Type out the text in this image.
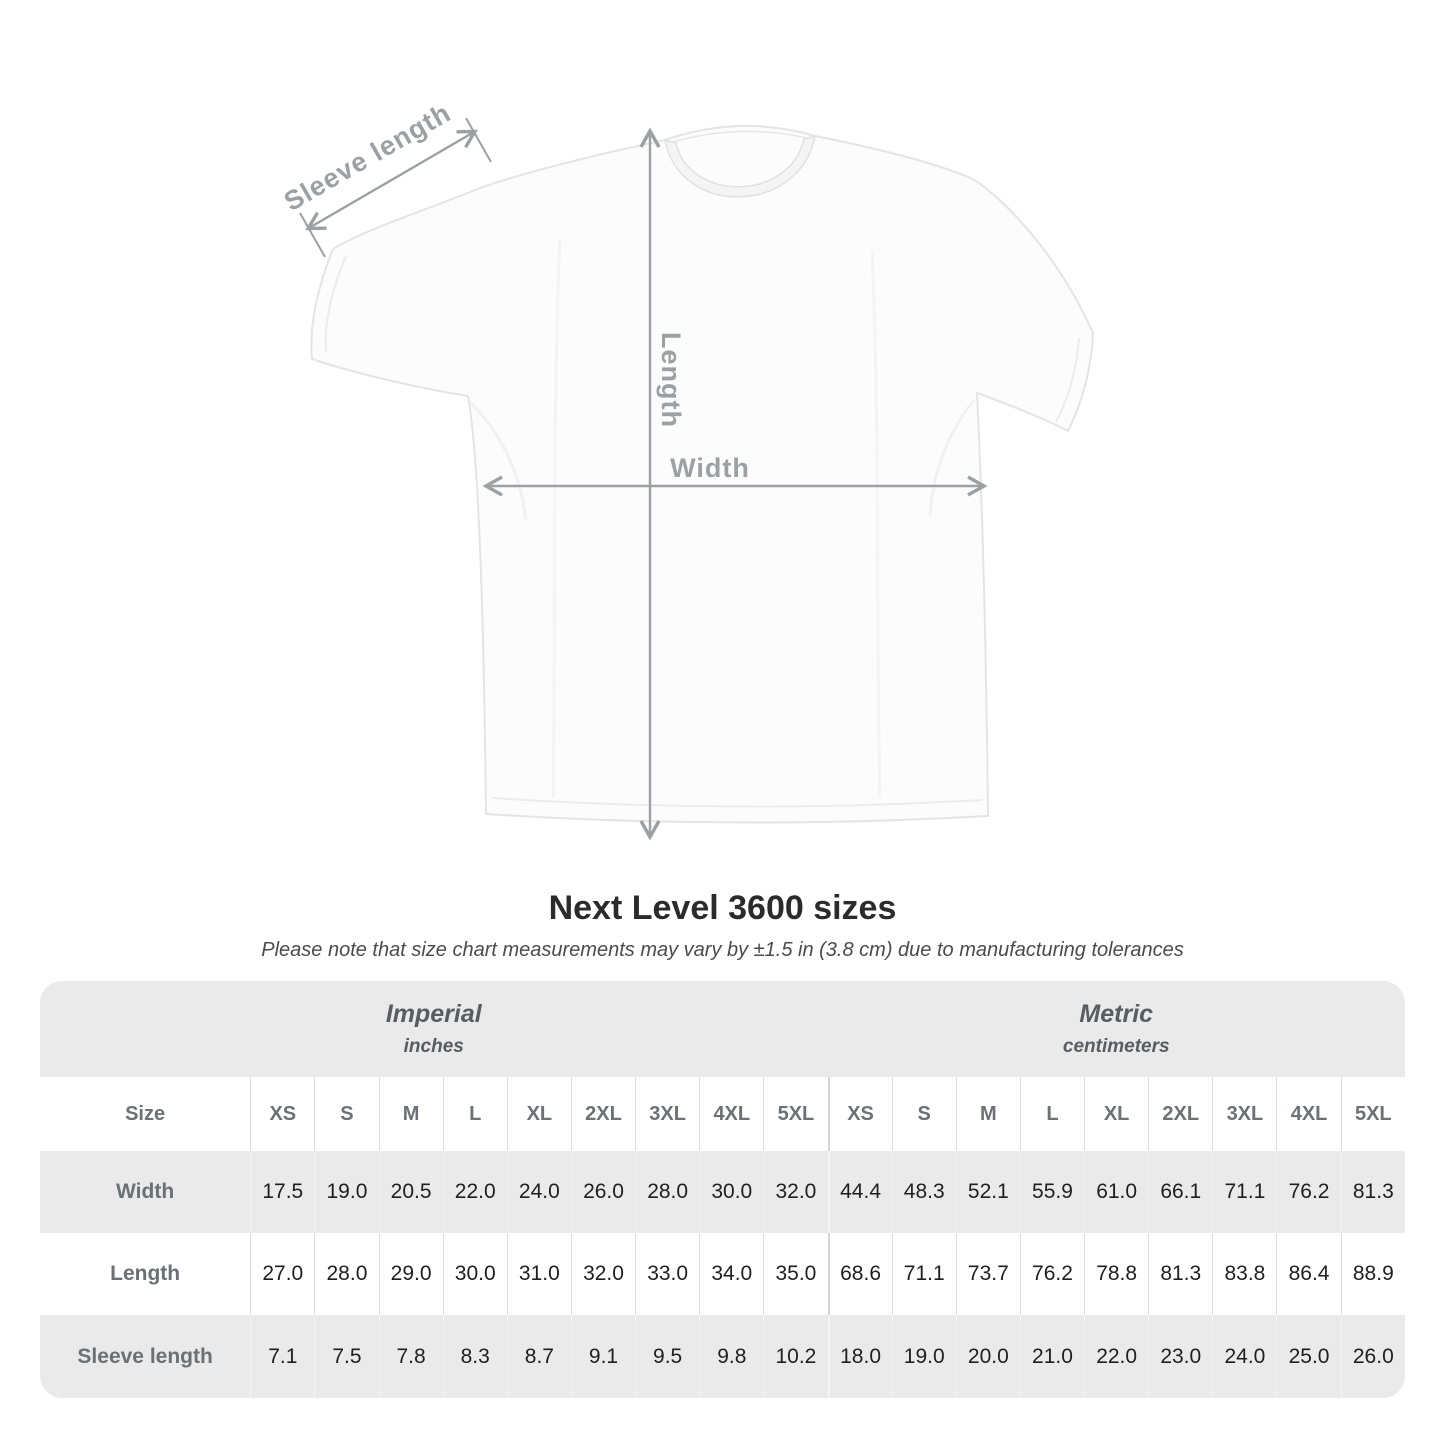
Length
Width
Sleeve length
Next Level 3600 sizes
Please note that size chart measurements may vary by ±1.5 in (3.8 cm) due to manufacturing tolerances
Imperial
inches

Metric
centimeters

Size	XS	S	M	L	XL	2XL	3XL	4XL	5XL	XS	S	M	L	XL	2XL	3XL	4XL	5XL
Width	17.5	19.0	20.5	22.0	24.0	26.0	28.0	30.0	32.0	44.4	48.3	52.1	55.9	61.0	66.1	71.1	76.2	81.3
Length	27.0	28.0	29.0	30.0	31.0	32.0	33.0	34.0	35.0	68.6	71.1	73.7	76.2	78.8	81.3	83.8	86.4	88.9
Sleeve length	7.1	7.5	7.8	8.3	8.7	9.1	9.5	9.8	10.2	18.0	19.0	20.0	21.0	22.0	23.0	24.0	25.0	26.0
